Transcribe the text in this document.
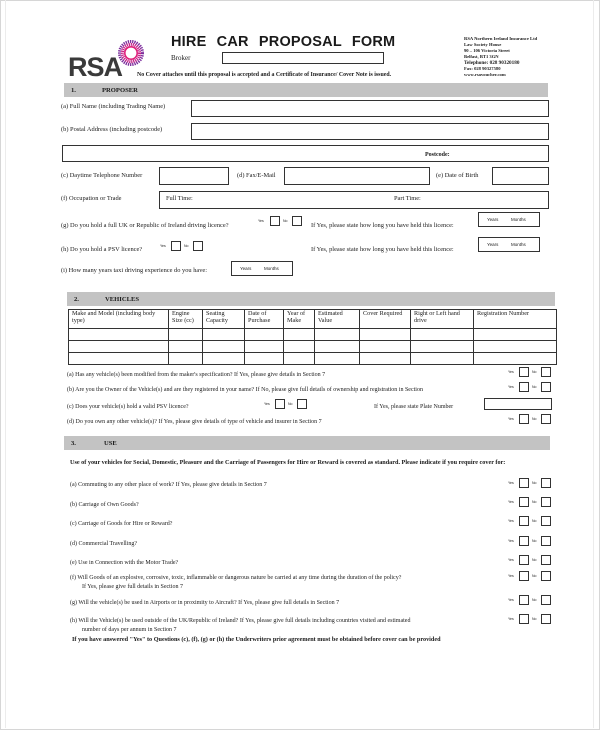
RSA
HIRE CAR PROPOSAL FORM
Broker
No Cover attaches until this proposal is accepted and a Certificate of Insurance/ Cover Note is issued.
RSA Northern Ireland Insurance Ltd
Law Society House
90 – 106 Victoria Street
Belfast, BT1 3GN
Telephone: 028 90320180
Fax: 028 90327580
www.rsavoucher.com
1.	PROPOSER
(a) Full Name (including Trading Name)
(b) Postal Address (including postcode)
Postcode:
(c) Daytime Telephone Number	(d) Fax/E-Mail	(e) Date of Birth
(f) Occupation or Trade	Full Time:	Part Time:
(g) Do you hold a full UK or Republic of Ireland driving licence?
Yes	No
If Yes, please state how long you have held this licence:
Years	Months
(h) Do you hold a PSV licence?	Yes	No	If Yes, please state how long you have held this licence:
Years	Months
(i) How many years taxi driving experience do you have:	Years	Months
2.	VEHICLES
Make and Model (including body type)	Engine Size (cc)	Seating Capacity	Date of Purchase	Year of Make	Estimated Value	Cover Required	Right or Left hand drive	Registration Number

(a) Has any vehicle(s) been modified from the maker's specification? If Yes, please give details in Section 7	Yes	No
(b) Are you the Owner of the Vehicle(s) and are they registered in your name? If No, please give full details of ownership and registration in Section	Yes	No
(c) Does your vehicle(s) hold a valid PSV licence?	Yes	No	If Yes, please state Plate Number
(d) Do you own any other vehicle(s)? If Yes, please give details of type of vehicle and insurer in Section 7	Yes	No
3.	USE
Use of your vehicles for Social, Domestic, Pleasure and the Carriage of Passengers for Hire or Reward is covered as standard. Please indicate if you require cover for:
(a) Commuting to any other place of work? If Yes, please give details in Section 7	Yes	No
(b) Carriage of Own Goods?	Yes	No
(c) Carriage of Goods for Hire or Reward?	Yes	No
(d) Commercial Travelling?	Yes	No
(e) Use in Connection with the Motor Trade?	Yes	No
(f) Will Goods of an explosive, corrosive, toxic, inflammable or dangerous nature be carried at any time during the duration of the policy?
If Yes, please give full details in Section 7
Yes	No
(g) Will the vehicle(s) be used in Airports or in proximity to Aircraft? If Yes, please give full details in Section 7	Yes	No
(h) Will the Vehicle(s) be used outside of the UK/Republic of Ireland? If Yes, please give full details including countries visited and estimated
number of days per annum in Section 7
Yes	No
If you have answered "Yes" to Questions (c), (f), (g) or (h) the Underwriters prior agreement must be obtained before cover can be provided
